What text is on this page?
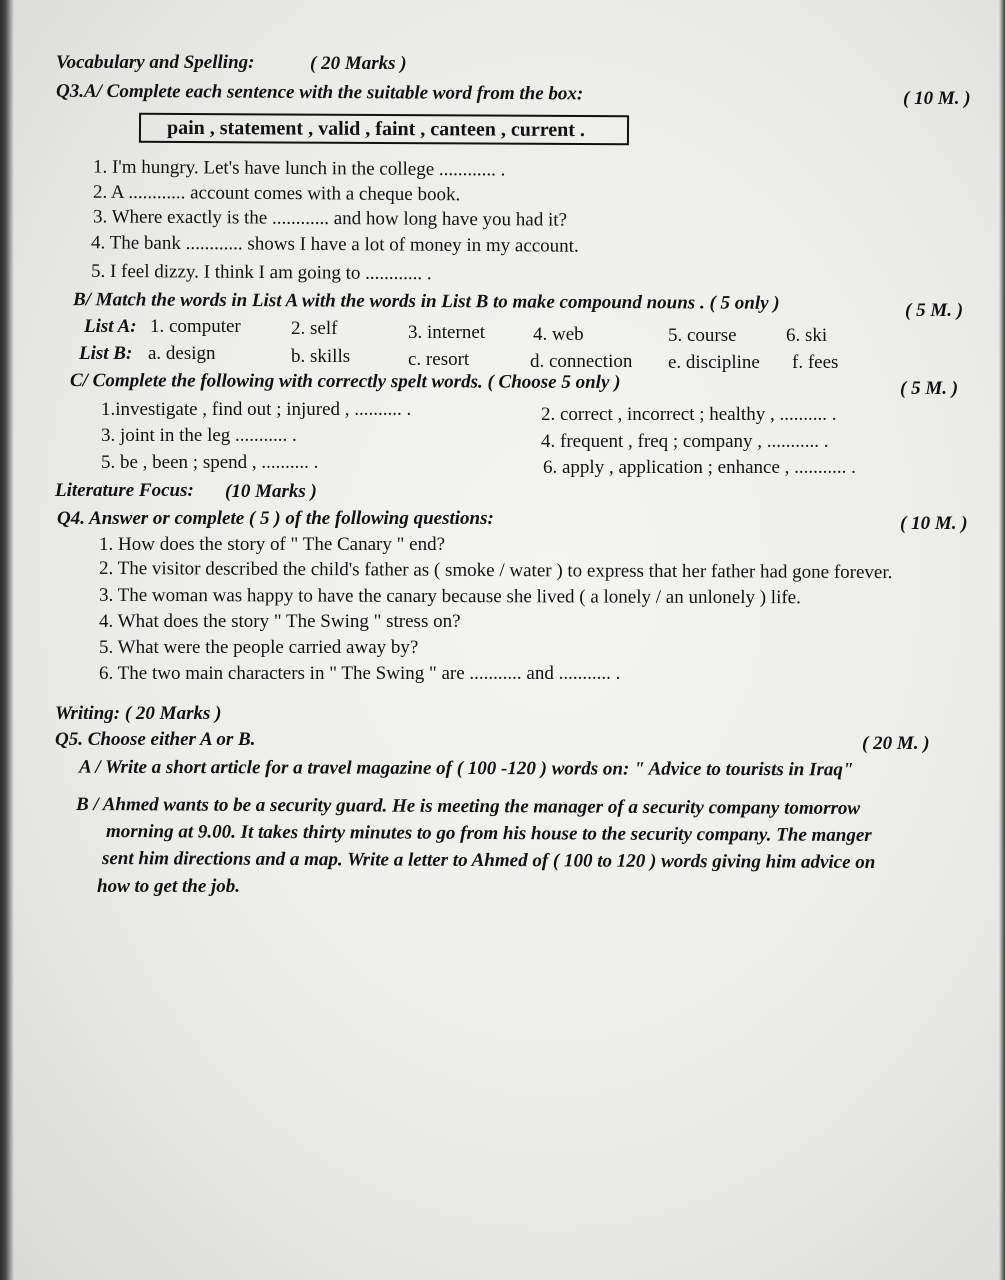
Vocabulary and Spelling:	( 20 Marks )
Q3.A/ Complete each sentence with the suitable word from the box:	( 10 M. )
pain , statement , valid , faint , canteen , current .
1. I'm hungry. Let's have lunch in the college ............ .
2. A ............ account comes with a cheque book.
3. Where exactly is the ............ and how long have you had it?
4. The bank ............ shows I have a lot of money in my account.
5. I feel dizzy. I think I am going to ............ .
B/ Match the words in List A with the words in List B to make compound nouns . ( 5 only )	( 5 M. )
List A: 1. computer	2. self	3. internet	4. web	5. course	6. ski
List B: a. design	b. skills	c. resort	d. connection e. discipline f. fees
C/ Complete the following with correctly spelt words. ( Choose 5 only )	( 5 M. )
1.investigate , find out ; injured , .......... .	2. correct , incorrect ; healthy , .......... .
3. joint in the leg ........... .	4. frequent , freq ; company , ........... .
5. be , been ; spend , .......... .	6. apply , application ; enhance , ........... .
Literature Focus: (10 Marks )
Q4. Answer or complete ( 5 ) of the following questions:	( 10 M. )
1. How does the story of " The Canary " end?
2. The visitor described the child's father as ( smoke / water ) to express that her father had gone forever.
3. The woman was happy to have the canary because she lived ( a lonely / an unlonely ) life.
4. What does the story " The Swing " stress on?
5. What were the people carried away by?
6. The two main characters in " The Swing " are ........... and ........... .
Writing: ( 20 Marks )
Q5. Choose either A or B.	( 20 M. )
A / Write a short article for a travel magazine of ( 100 -120 ) words on: " Advice to tourists in Iraq"
B / Ahmed wants to be a security guard. He is meeting the manager of a security company tomorrow
morning at 9.00. It takes thirty minutes to go from his house to the security company. The manger
sent him directions and a map. Write a letter to Ahmed of ( 100 to 120 ) words giving him advice on
how to get the job.
